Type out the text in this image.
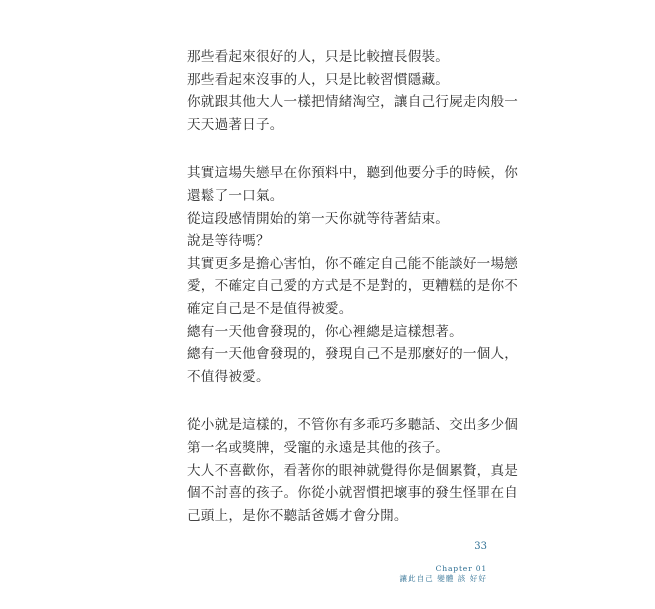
那些看起來很好的人，只是比較擅長假裝。
那些看起來沒事的人，只是比較習慣隱藏。
你就跟其他大人一樣把情緒淘空，讓自己行屍走肉般一
天天過著日子。

其實這場失戀早在你預料中，聽到他要分手的時候，你
還鬆了一口氣。
從這段感情開始的第一天你就等待著結束。
說是等待嗎？
其實更多是擔心害怕，你不確定自己能不能談好一場戀
愛，不確定自己愛的方式是不是對的，更糟糕的是你不
確定自己是不是值得被愛。
總有一天他會發現的，你心裡總是這樣想著。
總有一天他會發現的，發現自己不是那麼好的一個人，
不值得被愛。

從小就是這樣的，不管你有多乖巧多聽話、交出多少個
第一名或獎牌，受寵的永遠是其他的孩子。
大人不喜歡你，看著你的眼神就覺得你是個累贅，真是
個不討喜的孩子。你從小就習慣把壞事的發生怪罪在自
己頭上，是你不聽話爸媽才會分開。

33
Chapter 01
讓此自己 變體 該 好好
